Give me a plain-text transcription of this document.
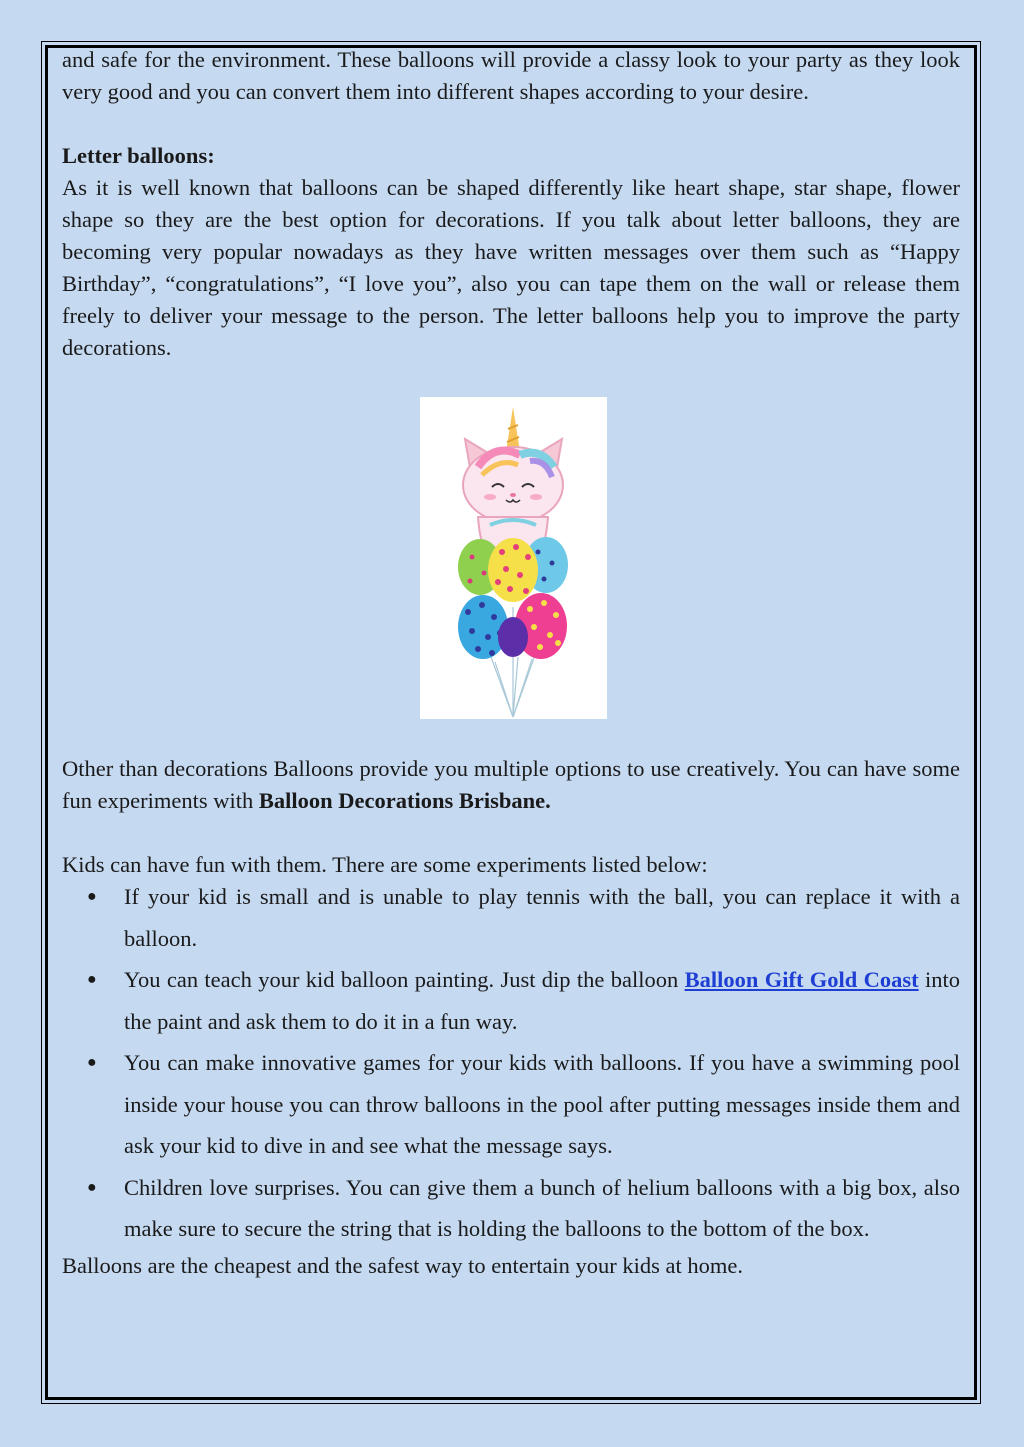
and safe for the environment. These balloons will provide a classy look to your party as they look very good and you can convert them into different shapes according to your desire.

Letter balloons:

As it is well known that balloons can be shaped differently like heart shape, star shape, flower shape so they are the best option for decorations. If you talk about letter balloons, they are becoming very popular nowadays as they have written messages over them such as “Happy Birthday”, “congratulations”, “I love you”, also you can tape them on the wall or release them freely to deliver your message to the person. The letter balloons help you to improve the party decorations.

Other than decorations Balloons provide you multiple options to use creatively. You can have some fun experiments with Balloon Decorations Brisbane.

Kids can have fun with them. There are some experiments listed below:

● If your kid is small and is unable to play tennis with the ball, you can replace it with a balloon.
● You can teach your kid balloon painting. Just dip the balloon Balloon Gift Gold Coast into the paint and ask them to do it in a fun way.
● You can make innovative games for your kids with balloons. If you have a swimming pool inside your house you can throw balloons in the pool after putting messages inside them and ask your kid to dive in and see what the message says.
● Children love surprises. You can give them a bunch of helium balloons with a big box, also make sure to secure the string that is holding the balloons to the bottom of the box.

Balloons are the cheapest and the safest way to entertain your kids at home.
